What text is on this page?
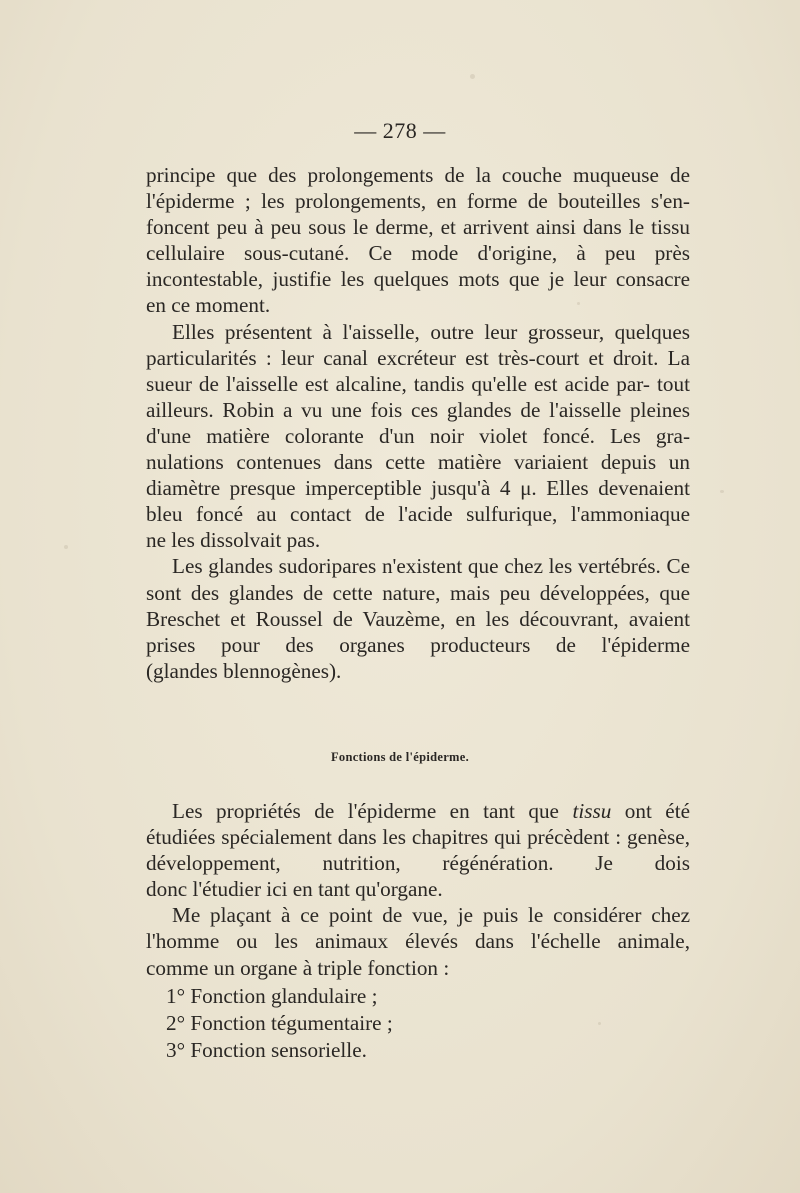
— 278 —

principe que des prolongements de la couche muqueuse de l'épiderme ; les prolongements, en forme de bouteilles s'en- foncent peu à peu sous le derme, et arrivent ainsi dans le tissu cellulaire sous-cutané. Ce mode d'origine, à peu près incontestable, justifie les quelques mots que je leur consacre

en ce moment.

Elles présentent à l'aisselle, outre leur grosseur, quelques particularités : leur canal excréteur est très-court et droit. La sueur de l'aisselle est alcaline, tandis qu'elle est acide par- tout ailleurs. Robin a vu une fois ces glandes de l'aisselle pleines d'une matière colorante d'un noir violet foncé. Les gra- nulations contenues dans cette matière variaient depuis un diamètre presque imperceptible jusqu'à 4 μ. Elles devenaient bleu foncé au contact de l'acide sulfurique, l'ammoniaque

ne les dissolvait pas.

Les glandes sudoripares n'existent que chez les vertébrés. Ce sont des glandes de cette nature, mais peu développées, que Breschet et Roussel de Vauzème, en les découvrant, avaient prises pour des organes producteurs de l'épiderme

(glandes blennogènes).

Fonctions de l'épiderme.

Les propriétés de l'épiderme en tant que tissu ont été étudiées spécialement dans les chapitres qui précèdent : genèse, développement, nutrition, régénération. Je dois

donc l'étudier ici en tant qu'organe.

Me plaçant à ce point de vue, je puis le considérer chez l'homme ou les animaux élevés dans l'échelle animale,

comme un organe à triple fonction :

1° Fonction glandulaire ;
2° Fonction tégumentaire ;
3° Fonction sensorielle.
